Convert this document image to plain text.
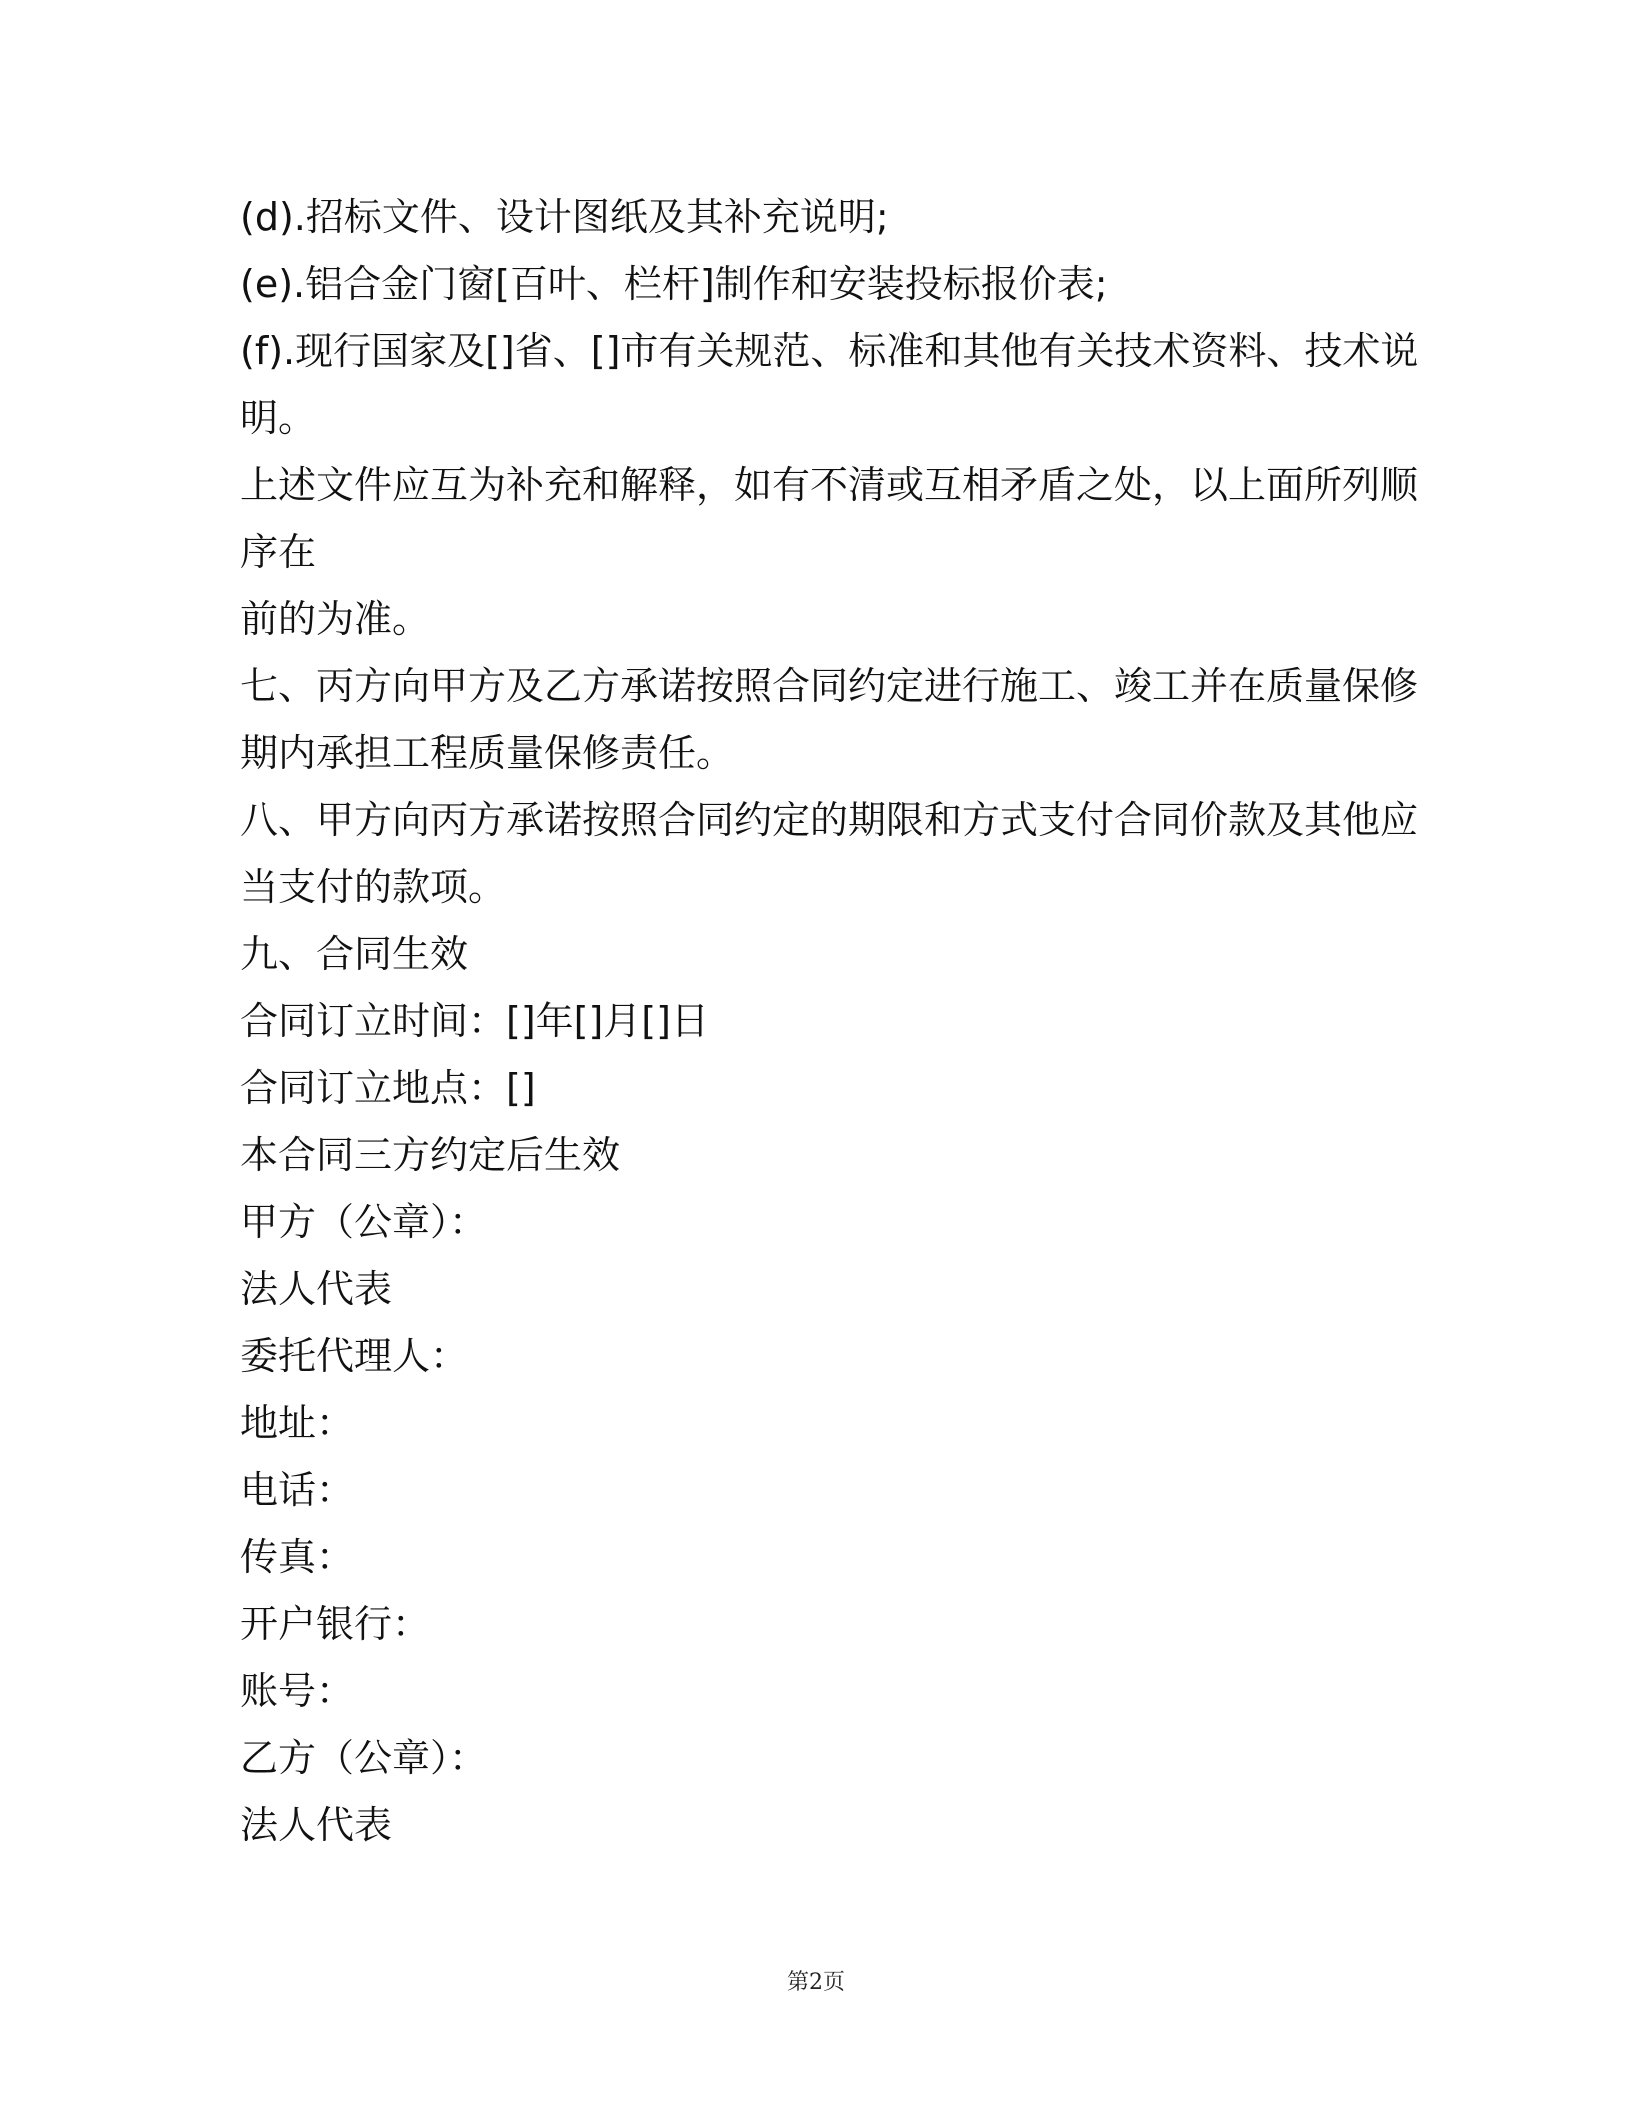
(d).招标文件、设计图纸及其补充说明;
(e).铝合金门窗[百叶、栏杆]制作和安装投标报价表;
(f).现行国家及[]省、[]市有关规范、标准和其他有关技术资料、技术说
明。
上述文件应互为补充和解释，如有不清或互相矛盾之处，以上面所列顺
序在
前的为准。
七、丙方向甲方及乙方承诺按照合同约定进行施工、竣工并在质量保修
期内承担工程质量保修责任。
八、甲方向丙方承诺按照合同约定的期限和方式支付合同价款及其他应
当支付的款项。
九、合同生效
合同订立时间：[]年[]月[]日
合同订立地点：[]
本合同三方约定后生效
甲方（公章）：
法人代表
委托代理人：
地址：
电话：
传真：
开户银行：
账号：
乙方（公章）：
法人代表
第2页
